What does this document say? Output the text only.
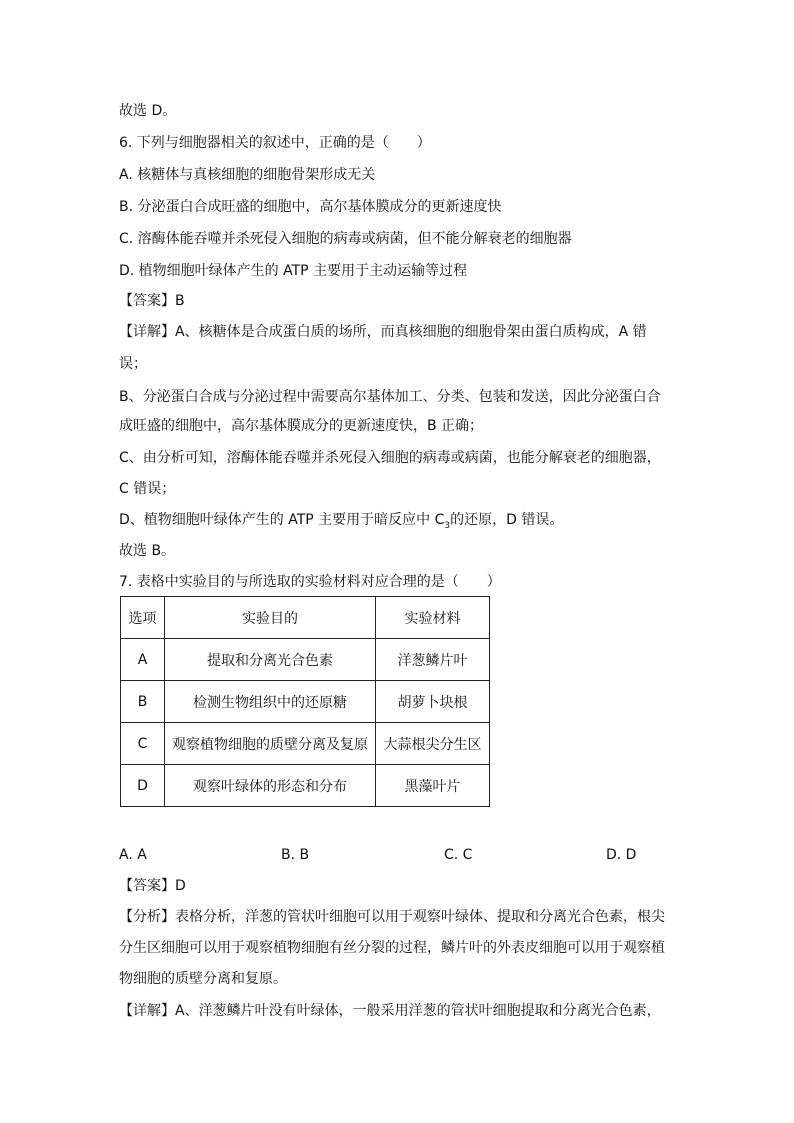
故选 D。
6. 下列与细胞器相关的叙述中，正确的是（　　）
A. 核糖体与真核细胞的细胞骨架形成无关
B. 分泌蛋白合成旺盛的细胞中，高尔基体膜成分的更新速度快
C. 溶酶体能吞噬并杀死侵入细胞的病毒或病菌，但不能分解衰老的细胞器
D. 植物细胞叶绿体产生的 ATP 主要用于主动运输等过程
【答案】B
【详解】A、核糖体是合成蛋白质的场所，而真核细胞的细胞骨架由蛋白质构成，A 错
误；
B、分泌蛋白合成与分泌过程中需要高尔基体加工、分类、包装和发送，因此分泌蛋白合
成旺盛的细胞中，高尔基体膜成分的更新速度快，B 正确；
C、由分析可知，溶酶体能吞噬并杀死侵入细胞的病毒或病菌，也能分解衰老的细胞器，
C 错误；
D、植物细胞叶绿体产生的 ATP 主要用于暗反应中 $C_3$的还原，D 错误。
故选 B。
7. 表格中实验目的与所选取的实验材料对应合理的是（　　）
选项	实验目的	实验材料
A	提取和分离光合色素	洋葱鳞片叶
B	检测生物组织中的还原糖	胡萝卜块根
C	观察植物细胞的质壁分离及复原	大蒜根尖分生区
D	观察叶绿体的形态和分布	黑藻叶片
A. A	B. B	C. C	D. D
【答案】D
【分析】表格分析，洋葱的管状叶细胞可以用于观察叶绿体、提取和分离光合色素，根尖
分生区细胞可以用于观察植物细胞有丝分裂的过程，鳞片叶的外表皮细胞可以用于观察植
物细胞的质壁分离和复原。
【详解】A、洋葱鳞片叶没有叶绿体，一般采用洋葱的管状叶细胞提取和分离光合色素，
